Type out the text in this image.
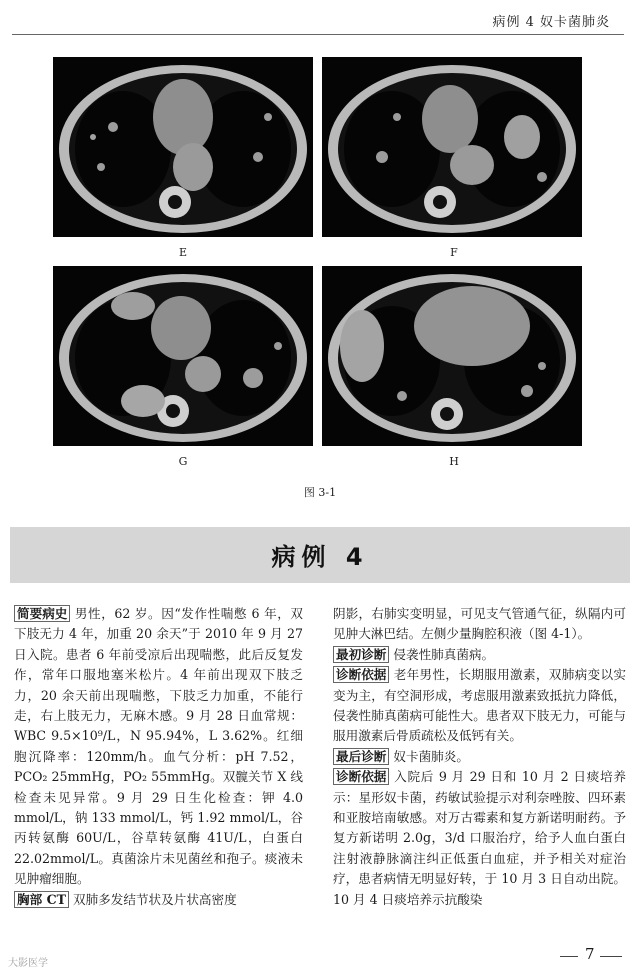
病例 4 奴卡菌肺炎
E	F
G	H
图 3-1
病例 4

简要病史 男性，62 岁。因“发作性喘憋 6 年，双下肢无力 4 年，加重 20 余天”于 2010 年 9 月 27 日入院。患者 6 年前受凉后出现喘憋，此后反复发作，常年口服地塞米松片。4 年前出现双下肢乏力，20 余天前出现喘憋，下肢乏力加重，不能行走，右上肢无力，无麻木感。9 月 28 日血常规：WBC 9.5×10⁹/L，N 95.94%，L 3.62%。红细胞沉降率：120mm/h。血气分析：pH 7.52，PCO₂ 25mmHg，PO₂ 55mmHg。双髋关节 X 线检查未见异常。9 月 29 日生化检查：钾 4.0 mmol/L，钠 133 mmol/L，钙 1.92 mmol/L，谷丙转氨酶 60U/L，谷草转氨酶 41U/L，白蛋白 22.02mmol/L。真菌涂片未见菌丝和孢子。痰液未见肿瘤细胞。

胸部 CT 双肺多发结节状及片状高密度

阴影，右肺实变明显，可见支气管通气征，纵隔内可见肿大淋巴结。左侧少量胸腔积液（图 4-1）。

最初诊断 侵袭性肺真菌病。

诊断依据 老年男性，长期服用激素，双肺病变以实变为主，有空洞形成，考虑服用激素致抵抗力降低，侵袭性肺真菌病可能性大。患者双下肢无力，可能与服用激素后骨质疏松及低钙有关。

最后诊断 奴卡菌肺炎。

诊断依据 入院后 9 月 29 日和 10 月 2 日痰培养示：星形奴卡菌，药敏试验提示对利奈唑胺、四环素和亚胺培南敏感。对万古霉素和复方新诺明耐药。予复方新诺明 2.0g，3/d 口服治疗，给予人血白蛋白注射液静脉滴注纠正低蛋白血症，并予相关对症治疗，患者病情无明显好转，于 10 月 3 日自动出院。10 月 4 日痰培养示抗酸染

7
大影医学
